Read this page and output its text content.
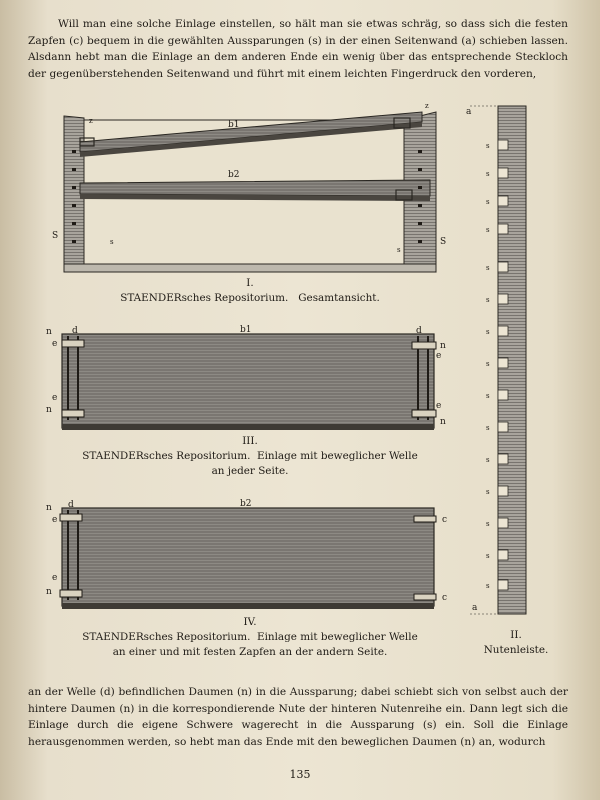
Will man eine solche Einlage einstellen, so hält man sie etwas schräg, so dass sich die festen Zapfen (c) bequem in die gewählten Aussparungen (s) in der einen Seitenwand (a) schieben lassen. Alsdann hebt man die Einlage an dem anderen Ende ein wenig über das entsprechende Steckloch der gegenüberstehenden Seitenwand und führt mit einem leichten Fingerdruck den vorderen,

b1
b2
z
z
S
S
s
s
b1
d	d
n
e
e
n
n
e
e
n
b2
d
n
e
e
n
c
c
a
a
s
s
s
s
s
s
s
s
s
s
s
s
s
s
s
I.
STAENDERsches Repositorium.   Gesamtansicht.
III.
STAENDERsches Repositorium.  Einlage mit beweglicher Welle
an jeder Seite.
IV.
STAENDERsches Repositorium.  Einlage mit beweglicher Welle
an einer und mit festen Zapfen an der andern Seite.
II.
Nutenleiste.

an der Welle (d) befindlichen Daumen (n) in die Aussparung; dabei schiebt sich von selbst auch der hintere Daumen (n) in die korrespondierende Nute der hinteren Nutenreihe ein. Dann legt sich die Einlage durch die eigene Schwere wagerecht in die Aussparung (s) ein. Soll die Einlage herausgenommen werden, so hebt man das Ende mit den beweglichen Daumen (n) an, wodurch

135
